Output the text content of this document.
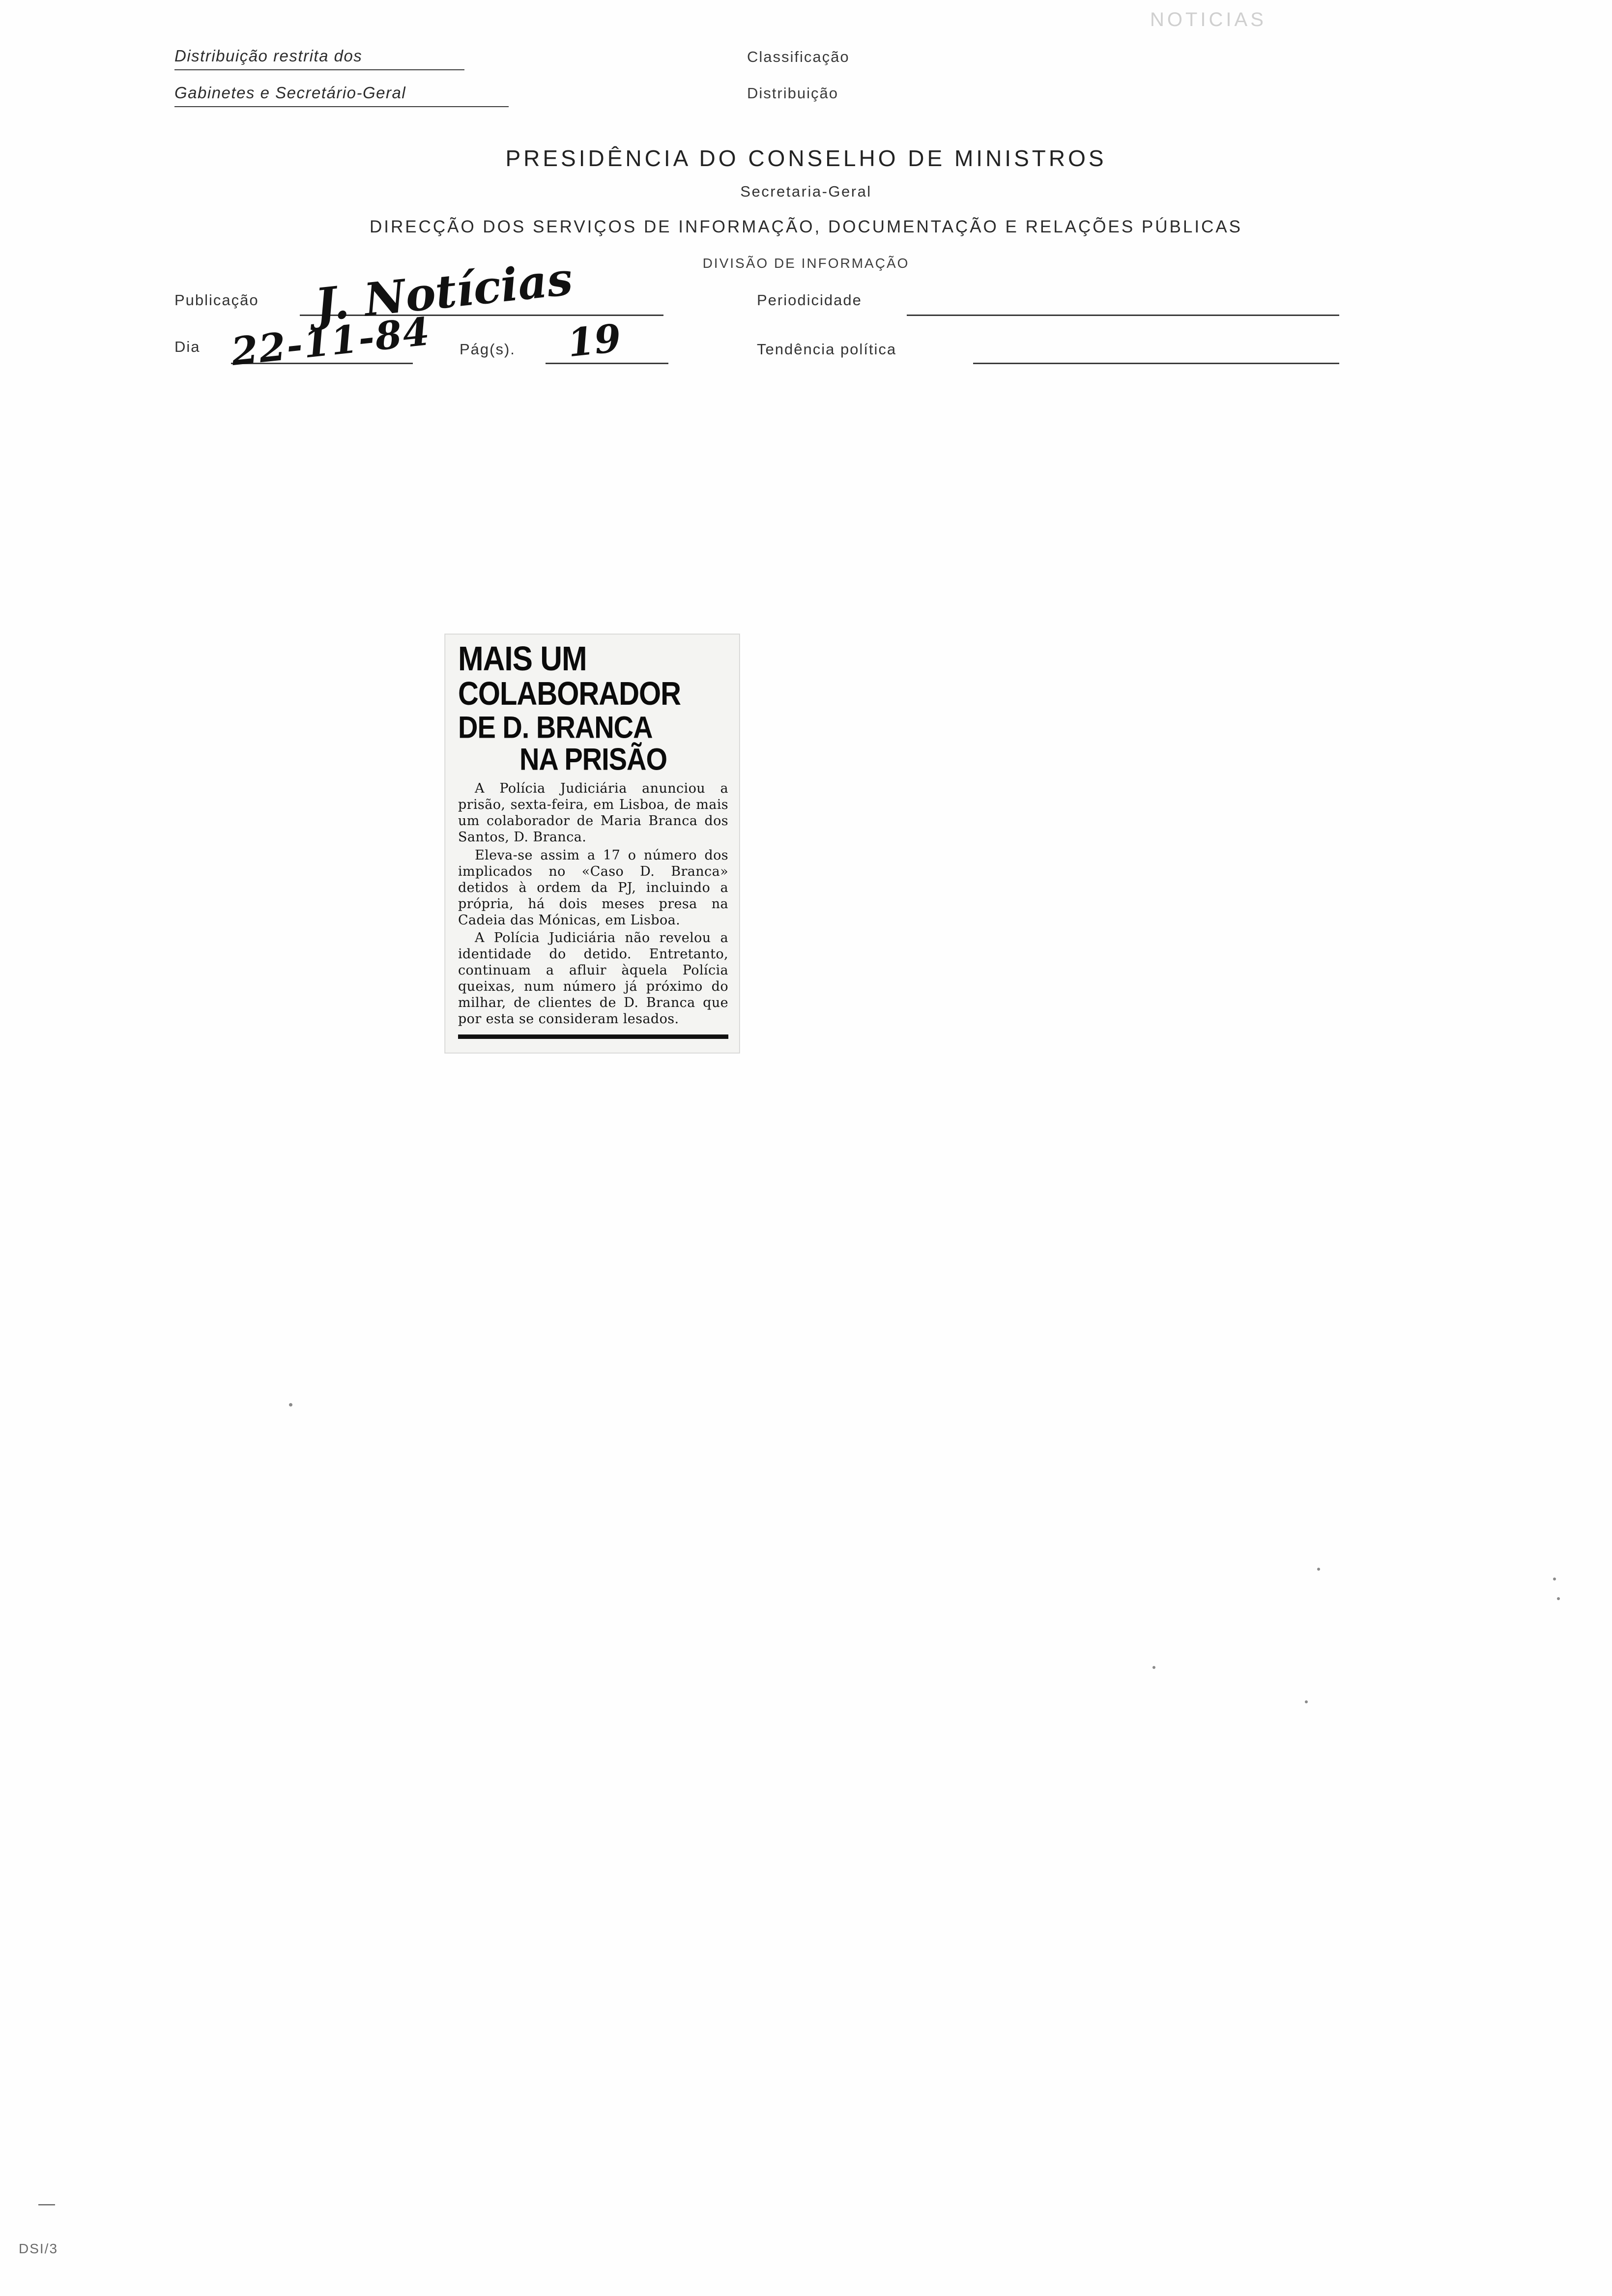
NOTICIAS
Distribuição restrita dos
Gabinetes e Secretário-Geral
Classificação
Distribuição
PRESIDÊNCIA DO CONSELHO DE MINISTROS
Secretaria-Geral
DIRECÇÃO DOS SERVIÇOS DE INFORMAÇÃO, DOCUMENTAÇÃO E RELAÇÕES PÚBLICAS
DIVISÃO DE INFORMAÇÃO
Publicação J. Notícias	Periodicidade
Dia 22-11-84 Pág(s). 19	Tendência política
MAIS UM
COLABORADOR
DE D. BRANCA
NA PRISÃO

A Polícia Judiciária anunciou a prisão, sexta-feira, em Lisboa, de mais um colaborador de Maria Branca dos Santos, D. Branca.

Eleva-se assim a 17 o número dos implicados no «Caso D. Branca» detidos à ordem da PJ, incluindo a própria, há dois meses presa na Cadeia das Mónicas, em Lisboa.

A Polícia Judiciária não revelou a identidade do detido. Entretanto, continuam a afluir àquela Polícia queixas, num número já próximo do milhar, de clientes de D. Branca que por esta se consideram lesados.

—
DSI/3
